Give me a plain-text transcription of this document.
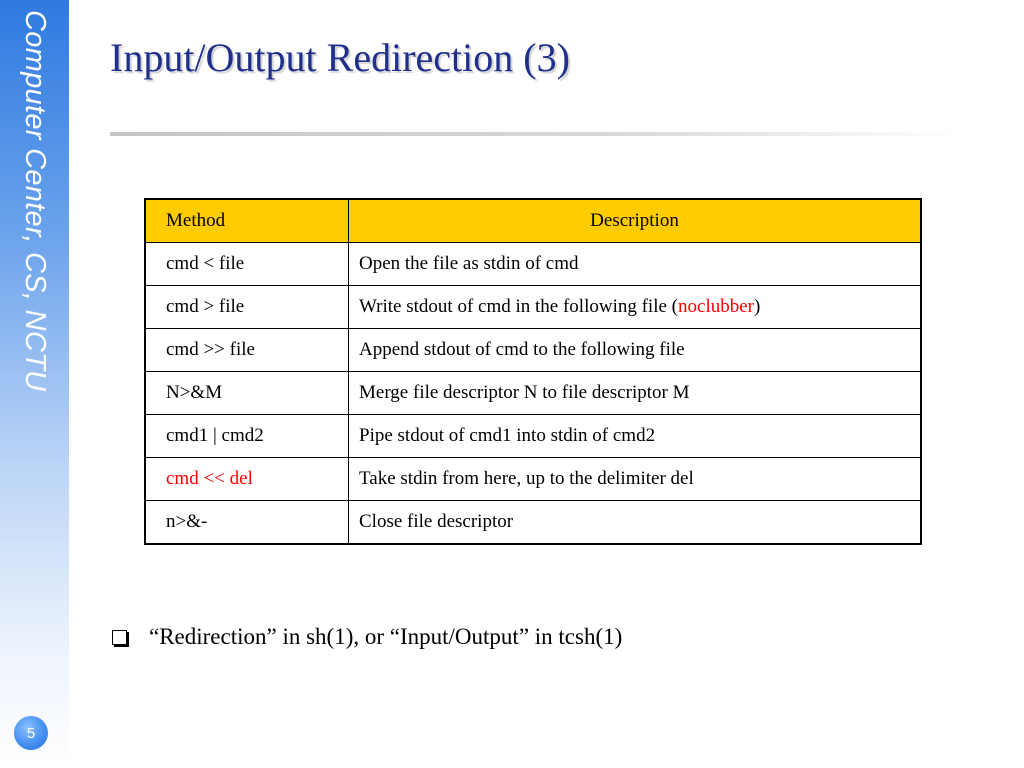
Computer Center, CS, NCTU
5
Input/Output Redirection (3)
Method	Description
cmd < file	Open the file as stdin of cmd
cmd > file	Write stdout of cmd in the following file (noclubber)
cmd >> file	Append stdout of cmd to the following file
N>&M	Merge file descriptor N to file descriptor M
cmd1 | cmd2	Pipe stdout of cmd1 into stdin of cmd2
cmd << del	Take stdin from here, up to the delimiter del
n>&-	Close file descriptor
“Redirection” in sh(1), or “Input/Output” in tcsh(1)
